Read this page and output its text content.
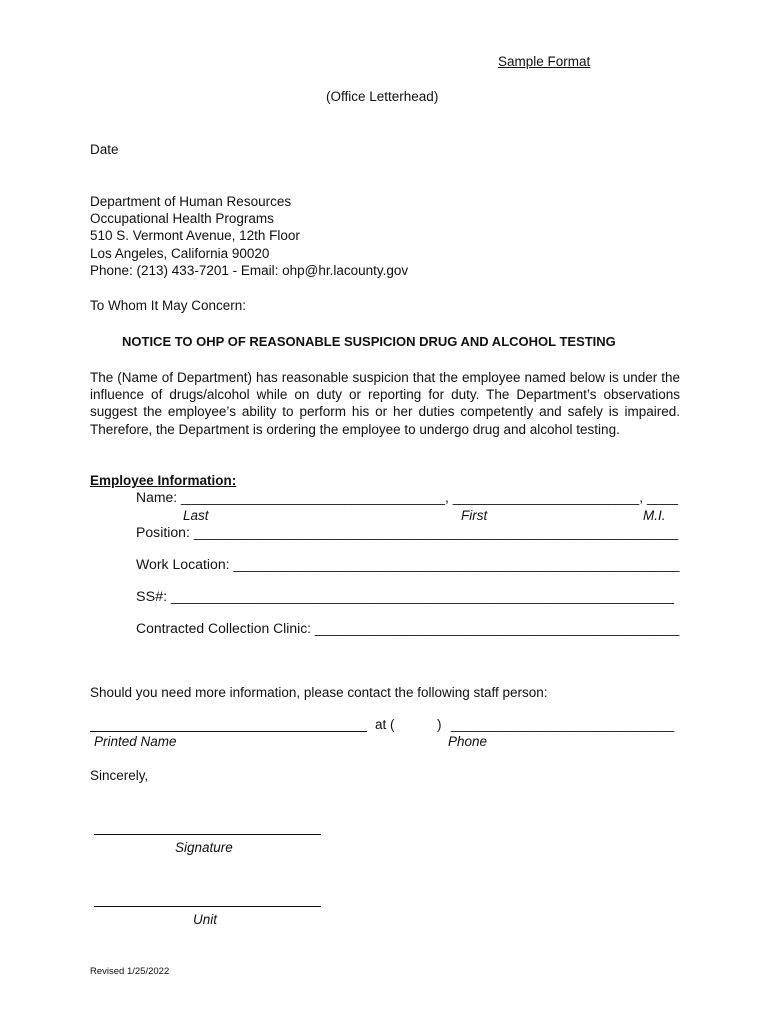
Sample Format
(Office Letterhead)
Date
Department of Human Resources
Occupational Health Programs
510 S. Vermont Avenue, 12th Floor
Los Angeles, California 90020
Phone: (213) 433-7201 - Email: ohp@hr.lacounty.gov
To Whom It May Concern:
NOTICE TO OHP OF REASONABLE SUSPICION DRUG AND ALCOHOL TESTING
The (Name of Department) has reasonable suspicion that the employee named below is under the influence of drugs/alcohol while on duty or reporting for duty. The Department’s observations suggest the employee’s ability to perform his or her duties competently and safely is impaired. Therefore, the Department is ordering the employee to undergo drug and alcohol testing.
Employee Information:
Name: __________________________________, ________________________, ____
Last	First	M.I.
Position: ______________________________________________________________
Work Location: _________________________________________________________
SS#: _______________________________________________________________
Contracted Collection Clinic: _______________________________________________
Should you need more information, please contact the following staff person:
at (	) ______________________________
Printed Name	Phone
Sincerely,
Signature
Unit
Revised 1/25/2022
